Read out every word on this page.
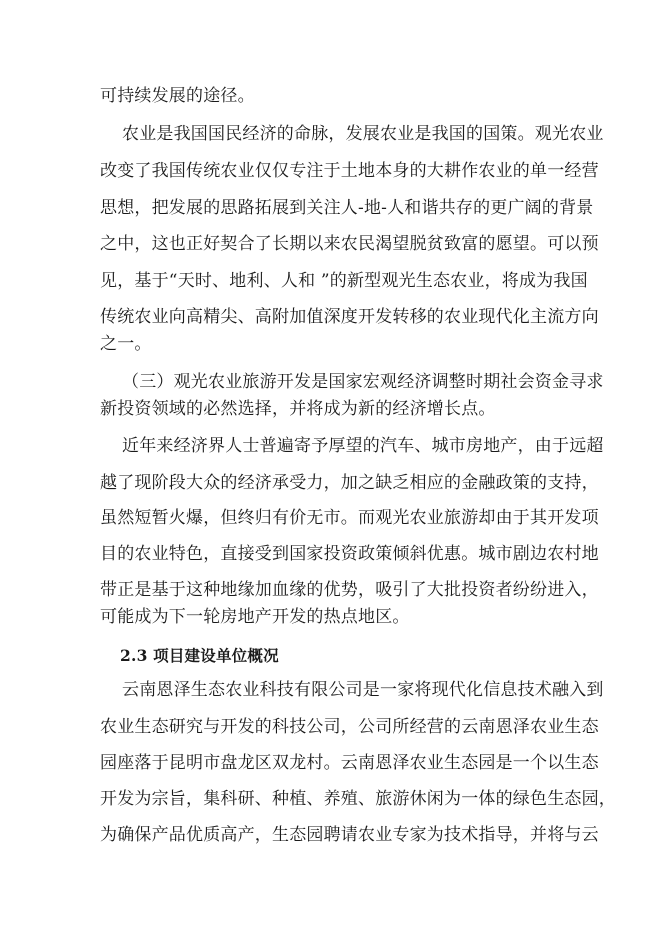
可持续发展的途径。
农业是我国国民经济的命脉，发展农业是我国的国策。观光农业
改变了我国传统农业仅仅专注于土地本身的大耕作农业的单一经营
思想，把发展的思路拓展到关注人-地-人和谐共存的更广阔的背景
之中，这也正好契合了长期以来农民渴望脱贫致富的愿望。可以预
见，基于“天时、地利、人和 ”的新型观光生态农业，将成为我国
传统农业向高精尖、高附加值深度开发转移的农业现代化主流方向
之一。
（三）观光农业旅游开发是国家宏观经济调整时期社会资金寻求
新投资领域的必然选择，并将成为新的经济增长点。
近年来经济界人士普遍寄予厚望的汽车、城市房地产，由于远超
越了现阶段大众的经济承受力，加之缺乏相应的金融政策的支持，
虽然短暂火爆，但终归有价无市。而观光农业旅游却由于其开发项
目的农业特色，直接受到国家投资政策倾斜优惠。城市剧边农村地
带正是基于这种地缘加血缘的优势，吸引了大批投资者纷纷进入，
可能成为下一轮房地产开发的热点地区。
2.3 项目建设单位概况
云南恩泽生态农业科技有限公司是一家将现代化信息技术融入到
农业生态研究与开发的科技公司，公司所经营的云南恩泽农业生态
园座落于昆明市盘龙区双龙村。云南恩泽农业生态园是一个以生态
开发为宗旨，集科研、种植、养殖、旅游休闲为一体的绿色生态园，
为确保产品优质高产，生态园聘请农业专家为技术指导，并将与云
